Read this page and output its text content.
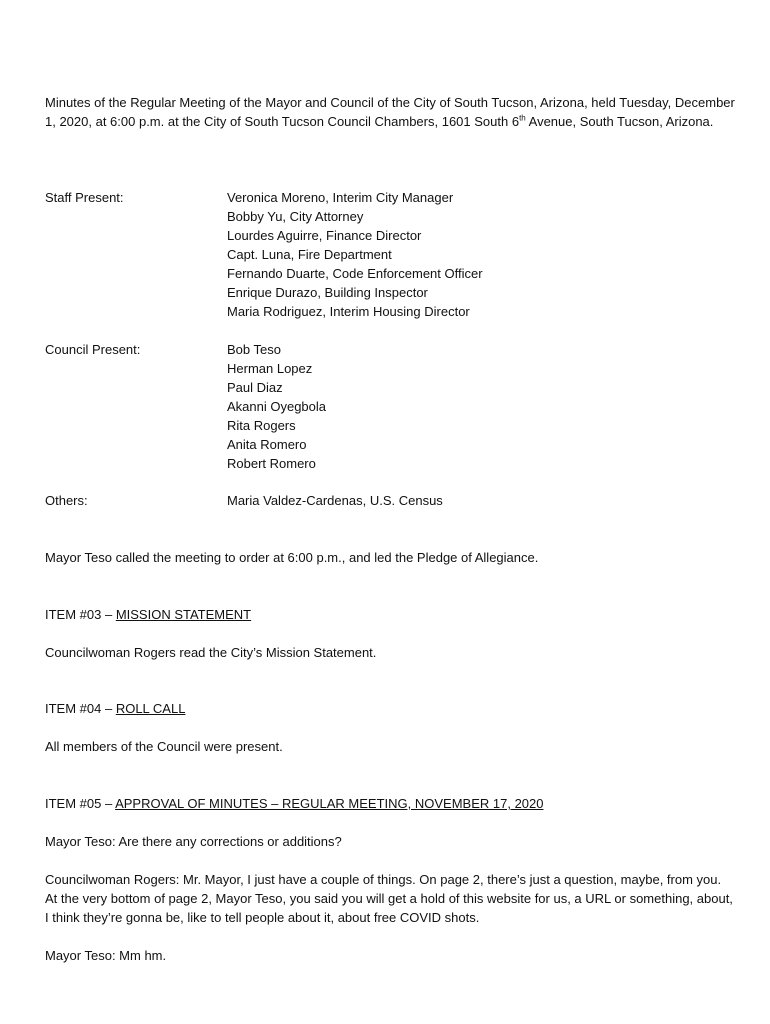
Minutes of the Regular Meeting of the Mayor and Council of the City of South Tucson, Arizona, held Tuesday, December 1, 2020, at 6:00 p.m. at the City of South Tucson Council Chambers, 1601 South 6th Avenue, South Tucson, Arizona.
Staff Present:	Veronica Moreno, Interim City Manager
Bobby Yu, City Attorney
Lourdes Aguirre, Finance Director
Capt. Luna, Fire Department
Fernando Duarte, Code Enforcement Officer
Enrique Durazo, Building Inspector
Maria Rodriguez, Interim Housing Director
Council Present:	Bob Teso
Herman Lopez
Paul Diaz
Akanni Oyegbola
Rita Rogers
Anita Romero
Robert Romero
Others:	Maria Valdez-Cardenas, U.S. Census
Mayor Teso called the meeting to order at 6:00 p.m., and led the Pledge of Allegiance.
ITEM #03 – MISSION STATEMENT
Councilwoman Rogers read the City’s Mission Statement.
ITEM #04 – ROLL CALL
All members of the Council were present.
ITEM #05 – APPROVAL OF MINUTES – REGULAR MEETING, NOVEMBER 17, 2020
Mayor Teso: Are there any corrections or additions?
Councilwoman Rogers: Mr. Mayor, I just have a couple of things. On page 2, there’s just a question, maybe, from you. At the very bottom of page 2, Mayor Teso, you said you will get a hold of this website for us, a URL or something, about, I think they’re gonna be, like to tell people about it, about free COVID shots.
Mayor Teso: Mm hm.
